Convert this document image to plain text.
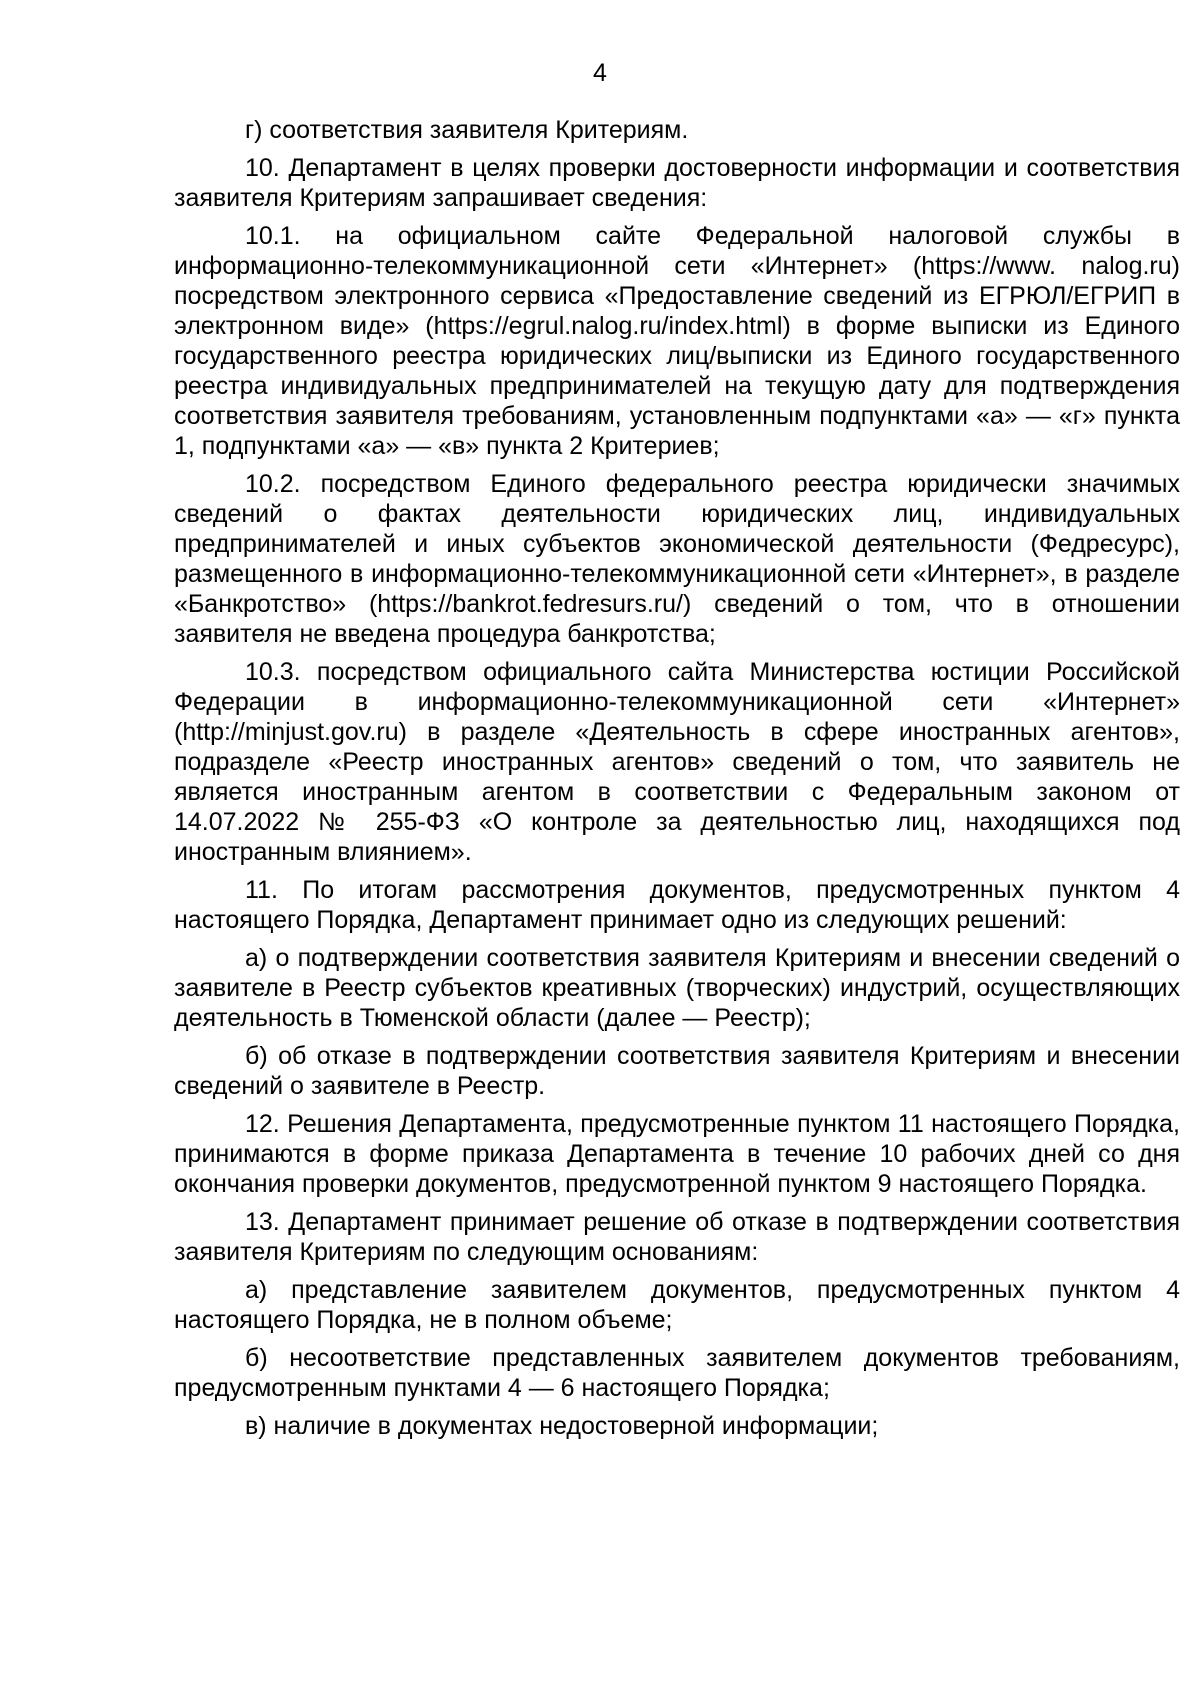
4

г) соответствия заявителя Критериям.

10. Департамент в целях проверки достоверности информации и соответствия заявителя Критериям запрашивает сведения:

10.1. на официальном сайте Федеральной налоговой службы в информационно-телекоммуникационной сети «Интернет» (https://www. nalog.ru) посредством электронного сервиса «Предоставление сведений из ЕГРЮЛ/ЕГРИП в электронном виде» (https://egrul.nalog.ru/index.html) в форме выписки из Единого государственного реестра юридических лиц/выписки из Единого государственного реестра индивидуальных предпринимателей на текущую дату для подтверждения соответствия заявителя требованиям, установленным подпунктами «а» — «г» пункта 1, подпунктами «а» — «в» пункта 2 Критериев;

10.2. посредством Единого федерального реестра юридически значимых сведений о фактах деятельности юридических лиц, индивидуальных предпринимателей и иных субъектов экономической деятельности (Федресурс), размещенного в информационно-телекоммуникационной сети «Интернет», в разделе «Банкротство» (https://bankrot.fedresurs.ru/) сведений о том, что в отношении заявителя не введена процедура банкротства;

10.3. посредством официального сайта Министерства юстиции Российской Федерации в информационно-телекоммуникационной сети «Интернет» (http://minjust.gov.ru) в разделе «Деятельность в сфере иностранных агентов», подразделе «Реестр иностранных агентов» сведений о том, что заявитель не является иностранным агентом в соответствии с Федеральным законом от 14.07.2022 № 255-ФЗ «О контроле за деятельностью лиц, находящихся под иностранным влиянием».

11. По итогам рассмотрения документов, предусмотренных пунктом 4 настоящего Порядка, Департамент принимает одно из следующих решений:

а) о подтверждении соответствия заявителя Критериям и внесении сведений о заявителе в Реестр субъектов креативных (творческих) индустрий, осуществляющих деятельность в Тюменской области (далее — Реестр);

б) об отказе в подтверждении соответствия заявителя Критериям и внесении сведений о заявителе в Реестр.

12. Решения Департамента, предусмотренные пунктом 11 настоящего Порядка, принимаются в форме приказа Департамента в течение 10 рабочих дней со дня окончания проверки документов, предусмотренной пунктом 9 настоящего Порядка.

13. Департамент принимает решение об отказе в подтверждении соответствия заявителя Критериям по следующим основаниям:

а) представление заявителем документов, предусмотренных пунктом 4 настоящего Порядка, не в полном объеме;

б) несоответствие представленных заявителем документов требованиям, предусмотренным пунктами 4 — 6 настоящего Порядка;

в) наличие в документах недостоверной информации;
